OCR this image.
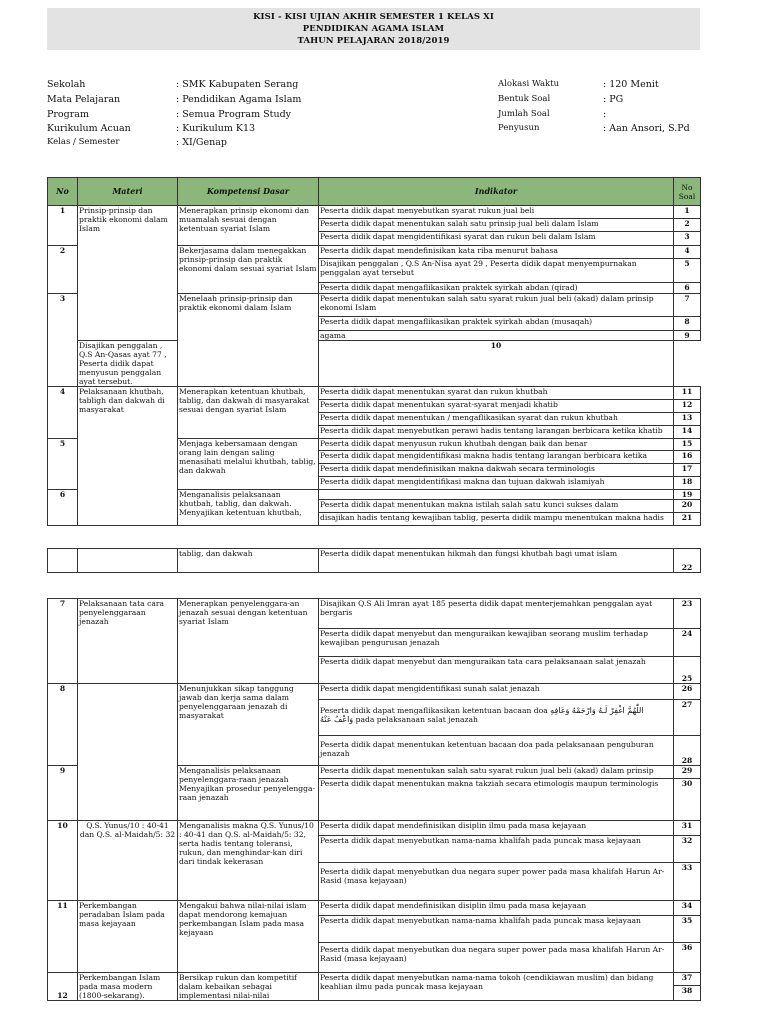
KISI - KISI UJIAN AKHIR SEMESTER 1 KELAS XI
PENDIDIKAN AGAMA ISLAM
TAHUN PELAJARAN 2018/2019
Sekolah	: SMK Kabupaten Serang
Mata Pelajaran	: Pendidikan Agama Islam
Program	: Semua Program Study
Kurikulum Acuan	: Kurikulum K13
Kelas / Semester	: XI/Genap
Alokasi Waktu	: 120 Menit
Bentuk Soal	: PG
Jumlah Soal	:
Penyusun	: Aan Ansori, S.Pd
No	Materi	Kompetensi Dasar	Indikator	No
Soal
1	Prinsip-prinsip dan praktik ekonomi dalam Islam	Menerapkan prinsip ekonomi dan muamalah sesuai dengan ketentuan syariat Islam	Peserta didik dapat menyebutkan syarat rukun jual beli	1
			Peserta didik dapat menentukan salah satu prinsip jual beli dalam Islam	2
			Peserta didik dapat mengidentifikasi syarat dan rukun beli dalam Islam	3
2		Bekerjasama dalam menegakkan prinsip-prinsip dan praktik ekonomi dalam sesuai syariat Islam	Peserta didik dapat mendefinisikan kata riba menurut bahasa	4
			Disajikan penggalan , Q.S An-Nisa ayat 29 , Peserta didik dapat menyempurnakan penggalan ayat tersebut	5
			Peserta didik dapat mengaflikasikan praktek syirkah abdan (qirad)	6
3		Menelaah prinsip-prinsip dan praktik ekonomi dalam Islam	Peserta didik dapat menentukan salah satu syarat rukun jual beli (akad) dalam prinsip ekonomi Islam	7
			Peserta didik dapat mengaflikasikan praktek syirkah abdan (musaqah)	8
			agama	9
	Disajikan penggalan , Q.S An-Qasas ayat 77 , Peserta didik dapat menyusun penggalan ayat tersebut.		10	
4	Pelaksanaan khutbah, tabligh dan dakwah di masyarakat	Menerapkan ketentuan khutbah, tablig, dan dakwah di masyarakat sesuai dengan syariat Islam	Peserta didik dapat menentukan syarat dan rukun khutbah	11
			Peserta didik dapat menentukan syarat-syarat menjadi khatib	12
			Peserta didik dapat menentukan / mengaflikasikan syarat dan rukun khutbah	13
			Peserta didik dapat menyebutkan perawi hadis tentang larangan berbicara ketika khatib	14
5		Menjaga kebersamaan dengan orang lain dengan saling menasihati melalui khutbah, tablig, dan dakwah	Peserta didik dapat menyusun rukun khutbah dengan baik dan benar	15
			Peserta didik dapat mengidentifikasi makna hadis tentang larangan berbicara ketika	16
			Peserta didik dapat mendefinisikan makna dakwah secara terminologis	17
			Peserta didik dapat mengidentifikasi makna dan tujuan dakwah islamiyah	18
6		Menganalisis pelaksanaan khutbah, tablig, dan dakwah. Menyajikan ketentuan khutbah,		19
			Peserta didik dapat menentukan makna istilah salah satu kunci sukses dalam	20
			disajikan hadis tentang kewajiban tablig, peserta didik mampu menentukan makna hadis	21
		tablig, dan dakwah	Peserta didik dapat menentukan hikmah dan fungsi khutbah bagi umat islam	22
7	Pelaksanaan tata cara penyelenggaraan jenazah	Menerapkan penyelenggara-an jenazah sesuai dengan ketentuan syariat Islam	Disajikan Q.S Ali Imran ayat 185 peserta didik dapat menterjemahkan penggalan ayat bergaris	23
			Peserta didik dapat menyebut dan menguraikan kewajiban seorang muslim terhadap kewajiban pengurusan jenazah	24
			Peserta didik dapat menyebut dan menguraikan tata cara pelaksanaan salat jenazah	25
8		Menunjukkan sikap tanggung jawab dan kerja sama dalam penyelenggaraan jenazah di masyarakat	Peserta didik dapat mengidentifikasi sunah salat jenazah	26
			Peserta didik dapat mengaflikasikan ketentuan bacaan doa اللّٰهُمَّ اغْفِرْ لَـهُ وَارْحَمْهُ وَعَافِهِ
وَاعْفُ عَنْهُ pada pelaksanaan salat jenazah	27
			Peserta didik dapat menentukan ketentuan bacaan doa pada pelaksanaan penguburan jenazah	28
9		Menganalisis pelaksanaan penyelenggara-raan jenazah Menyajikan prosedur penyelengga-raan jenazah	Peserta didik dapat menentukan salah satu syarat rukun jual beli (akad) dalam prinsip	29
			Peserta didik dapat menentukan makna takziah secara etimologis maupun terminologis	30
10	Q.S. Yunus/10 : 40-41 dan Q.S. al-Maidah/5: 32	Menganalisis makna Q.S. Yunus/10 : 40-41 dan Q.S. al-Maidah/5: 32, serta hadis tentang toleransi, rukun, dan menghindar-kan diri dari tindak kekerasan	Peserta didik dapat mendefinisikan disiplin ilmu pada masa kejayaan	31
			Peserta didik dapat menyebutkan nama-nama khalifah pada puncak masa kejayaan	32
			Peserta didik dapat menyebutkan dua negara super power pada masa khalifah Harun Ar-Rasid (masa kejayaan)	33
11	Perkembangan peradaban Islam pada masa kejayaan	Mengakui bahwa nilai-nilai islam dapat mendorong kemajuan perkembangan Islam pada masa kejayaan	Peserta didik dapat mendefinisikan disiplin ilmu pada masa kejayaan	34
			Peserta didik dapat menyebutkan nama-nama khalifah pada puncak masa kejayaan	35
			Peserta didik dapat menyebutkan dua negara super power pada masa khalifah Harun Ar-Rasid (masa kejayaan)	36
12	Perkembangan Islam pada masa modern (1800-sekarang).	Bersikap rukun dan kompetitif dalam kebaikan sebagai implementasi nilai-nilai	Peserta didik dapat menyebutkan nama-nama tokoh (cendikiawan muslim) dan bidang keahlian ilmu pada puncak masa kejayaan	37
				38
